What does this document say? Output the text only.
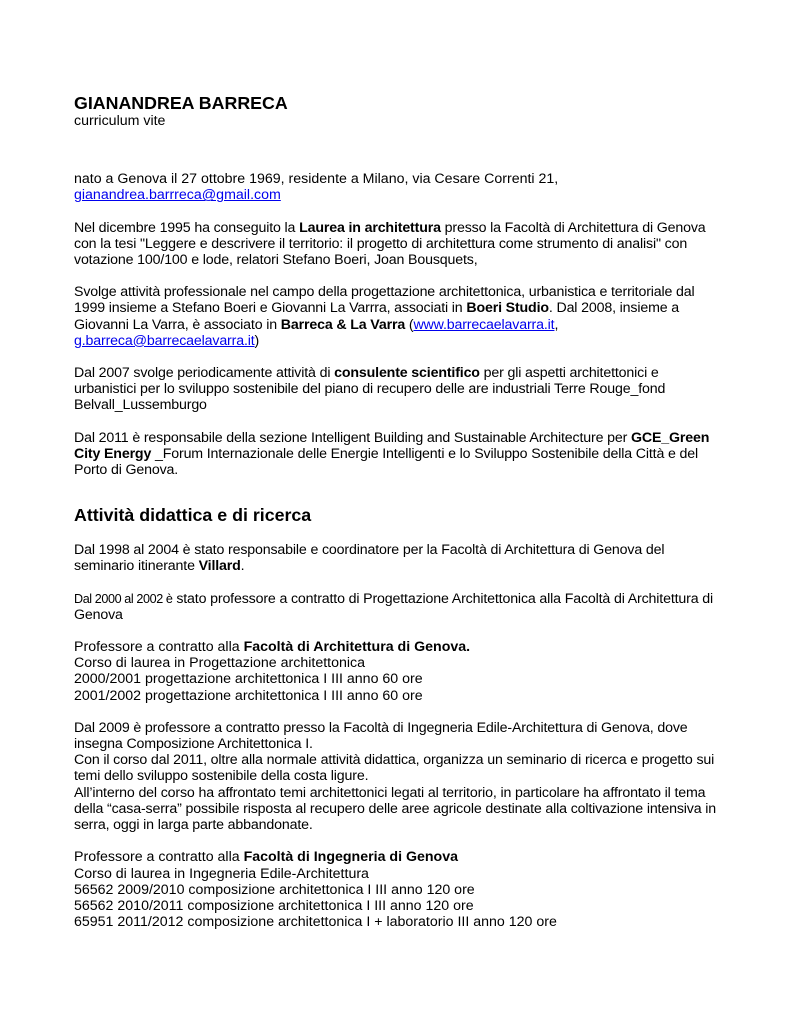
GIANANDREA BARRECA

curriculum vite

nato a Genova il 27 ottobre 1969, residente a Milano, via Cesare Correnti 21,
gianandrea.barrreca@gmail.com

Nel dicembre 1995 ha conseguito la Laurea in architettura presso la Facoltà di Architettura di Genova con la tesi "Leggere e descrivere il territorio: il progetto di architettura come strumento di analisi" con votazione 100/100 e lode, relatori Stefano Boeri, Joan Bousquets,

Svolge attività professionale nel campo della progettazione architettonica, urbanistica e territoriale dal 1999 insieme a Stefano Boeri e Giovanni La Varrra, associati in Boeri Studio. Dal 2008, insieme a Giovanni La Varra, è associato in Barreca & La Varra (www.barrecaelavarra.it,
g.barreca@barrecaelavarra.it)

Dal 2007 svolge periodicamente attività di consulente scientifico per gli aspetti architettonici e urbanistici per lo sviluppo sostenibile del piano di recupero delle are industriali Terre Rouge_fond Belvall_Lussemburgo

Dal 2011 è responsabile della sezione Intelligent Building and Sustainable Architecture per GCE_Green City Energy _Forum Internazionale delle Energie Intelligenti e lo Sviluppo Sostenibile della Città e del Porto di Genova.

Attività didattica e di ricerca

Dal 1998 al 2004 è stato responsabile e coordinatore per la Facoltà di Architettura di Genova del seminario itinerante Villard.

Dal 2000 al 2002 è stato professore a contratto di Progettazione Architettonica alla Facoltà di Architettura di Genova

Professore a contratto alla Facoltà di Architettura di Genova.
Corso di laurea in Progettazione architettonica
2000/2001 progettazione architettonica I III anno 60 ore
2001/2002 progettazione architettonica I III anno 60 ore

Dal 2009 è professore a contratto presso la Facoltà di Ingegneria Edile-Architettura di Genova, dove insegna Composizione Architettonica I.
Con il corso dal 2011, oltre alla normale attività didattica, organizza un seminario di ricerca e progetto sui temi dello sviluppo sostenibile della costa ligure.
All’interno del corso ha affrontato temi architettonici legati al territorio, in particolare ha affrontato il tema della “casa-serra” possibile risposta al recupero delle aree agricole destinate alla coltivazione intensiva in serra, oggi in larga parte abbandonate.

Professore a contratto alla Facoltà di Ingegneria di Genova
Corso di laurea in Ingegneria Edile-Architettura
56562 2009/2010 composizione architettonica I III anno 120 ore
56562 2010/2011 composizione architettonica I III anno 120 ore
65951 2011/2012 composizione architettonica I + laboratorio III anno 120 ore
